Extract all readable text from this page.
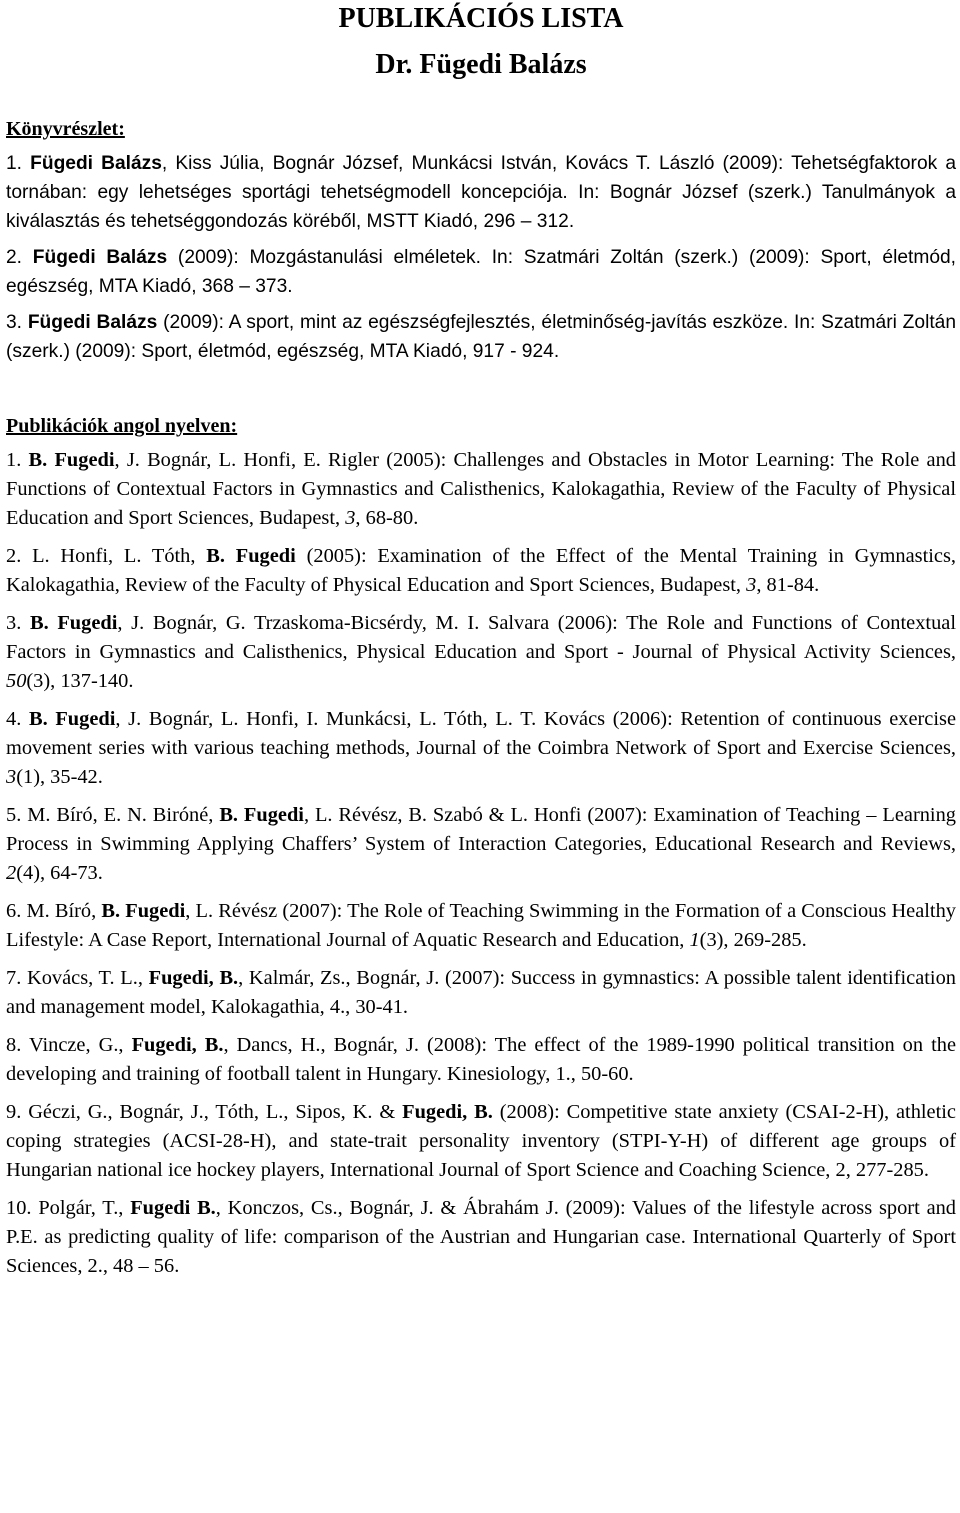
PUBLIKÁCIÓS LISTA
Dr. Fügedi Balázs
Könyvrészlet:
1. Fügedi Balázs, Kiss Júlia, Bognár József, Munkácsi István, Kovács T. László (2009): Tehetségfaktorok a tornában: egy lehetséges sportági tehetségmodell koncepciója. In: Bognár József (szerk.) Tanulmányok a kiválasztás és tehetséggondozás köréből, MSTT Kiadó, 296 – 312.
2. Fügedi Balázs (2009): Mozgástanulási elméletek. In: Szatmári Zoltán (szerk.) (2009): Sport, életmód, egészség, MTA Kiadó, 368 – 373.
3. Fügedi Balázs (2009): A sport, mint az egészségfejlesztés, életminőség-javítás eszköze. In: Szatmári Zoltán (szerk.) (2009): Sport, életmód, egészség, MTA Kiadó, 917 - 924.
Publikációk angol nyelven:
1. B. Fugedi, J. Bognár, L. Honfi, E. Rigler (2005): Challenges and Obstacles in Motor Learning: The Role and Functions of Contextual Factors in Gymnastics and Calisthenics, Kalokagathia, Review of the Faculty of Physical Education and Sport Sciences, Budapest, 3, 68-80.
2. L. Honfi, L. Tóth, B. Fugedi (2005): Examination of the Effect of the Mental Training in Gymnastics, Kalokagathia, Review of the Faculty of Physical Education and Sport Sciences, Budapest, 3, 81-84.
3. B. Fugedi, J. Bognár, G. Trzaskoma-Bicsérdy, M. I. Salvara (2006): The Role and Functions of Contextual Factors in Gymnastics and Calisthenics, Physical Education and Sport - Journal of Physical Activity Sciences, 50(3), 137-140.
4. B. Fugedi, J. Bognár, L. Honfi, I. Munkácsi, L. Tóth, L. T. Kovács (2006): Retention of continuous exercise movement series with various teaching methods, Journal of the Coimbra Network of Sport and Exercise Sciences, 3(1), 35-42.
5. M. Bíró, E. N. Biróné, B. Fugedi, L. Révész, B. Szabó & L. Honfi (2007): Examination of Teaching – Learning Process in Swimming Applying Chaffers’ System of Interaction Categories, Educational Research and Reviews, 2(4), 64-73.
6. M. Bíró, B. Fugedi, L. Révész (2007): The Role of Teaching Swimming in the Formation of a Conscious Healthy Lifestyle: A Case Report, International Journal of Aquatic Research and Education, 1(3), 269-285.
7. Kovács, T. L., Fugedi, B., Kalmár, Zs., Bognár, J. (2007): Success in gymnastics: A possible talent identification and management model, Kalokagathia, 4., 30-41.
8. Vincze, G., Fugedi, B., Dancs, H., Bognár, J. (2008): The effect of the 1989-1990 political transition on the developing and training of football talent in Hungary. Kinesiology, 1., 50-60.
9. Géczi, G., Bognár, J., Tóth, L., Sipos, K. & Fugedi, B. (2008): Competitive state anxiety (CSAI-2-H), athletic coping strategies (ACSI-28-H), and state-trait personality inventory (STPI-Y-H) of different age groups of Hungarian national ice hockey players, International Journal of Sport Science and Coaching Science, 2, 277-285.
10. Polgár, T., Fugedi B., Konczos, Cs., Bognár, J. & Ábrahám J. (2009): Values of the lifestyle across sport and P.E. as predicting quality of life: comparison of the Austrian and Hungarian case. International Quarterly of Sport Sciences, 2., 48 – 56.
